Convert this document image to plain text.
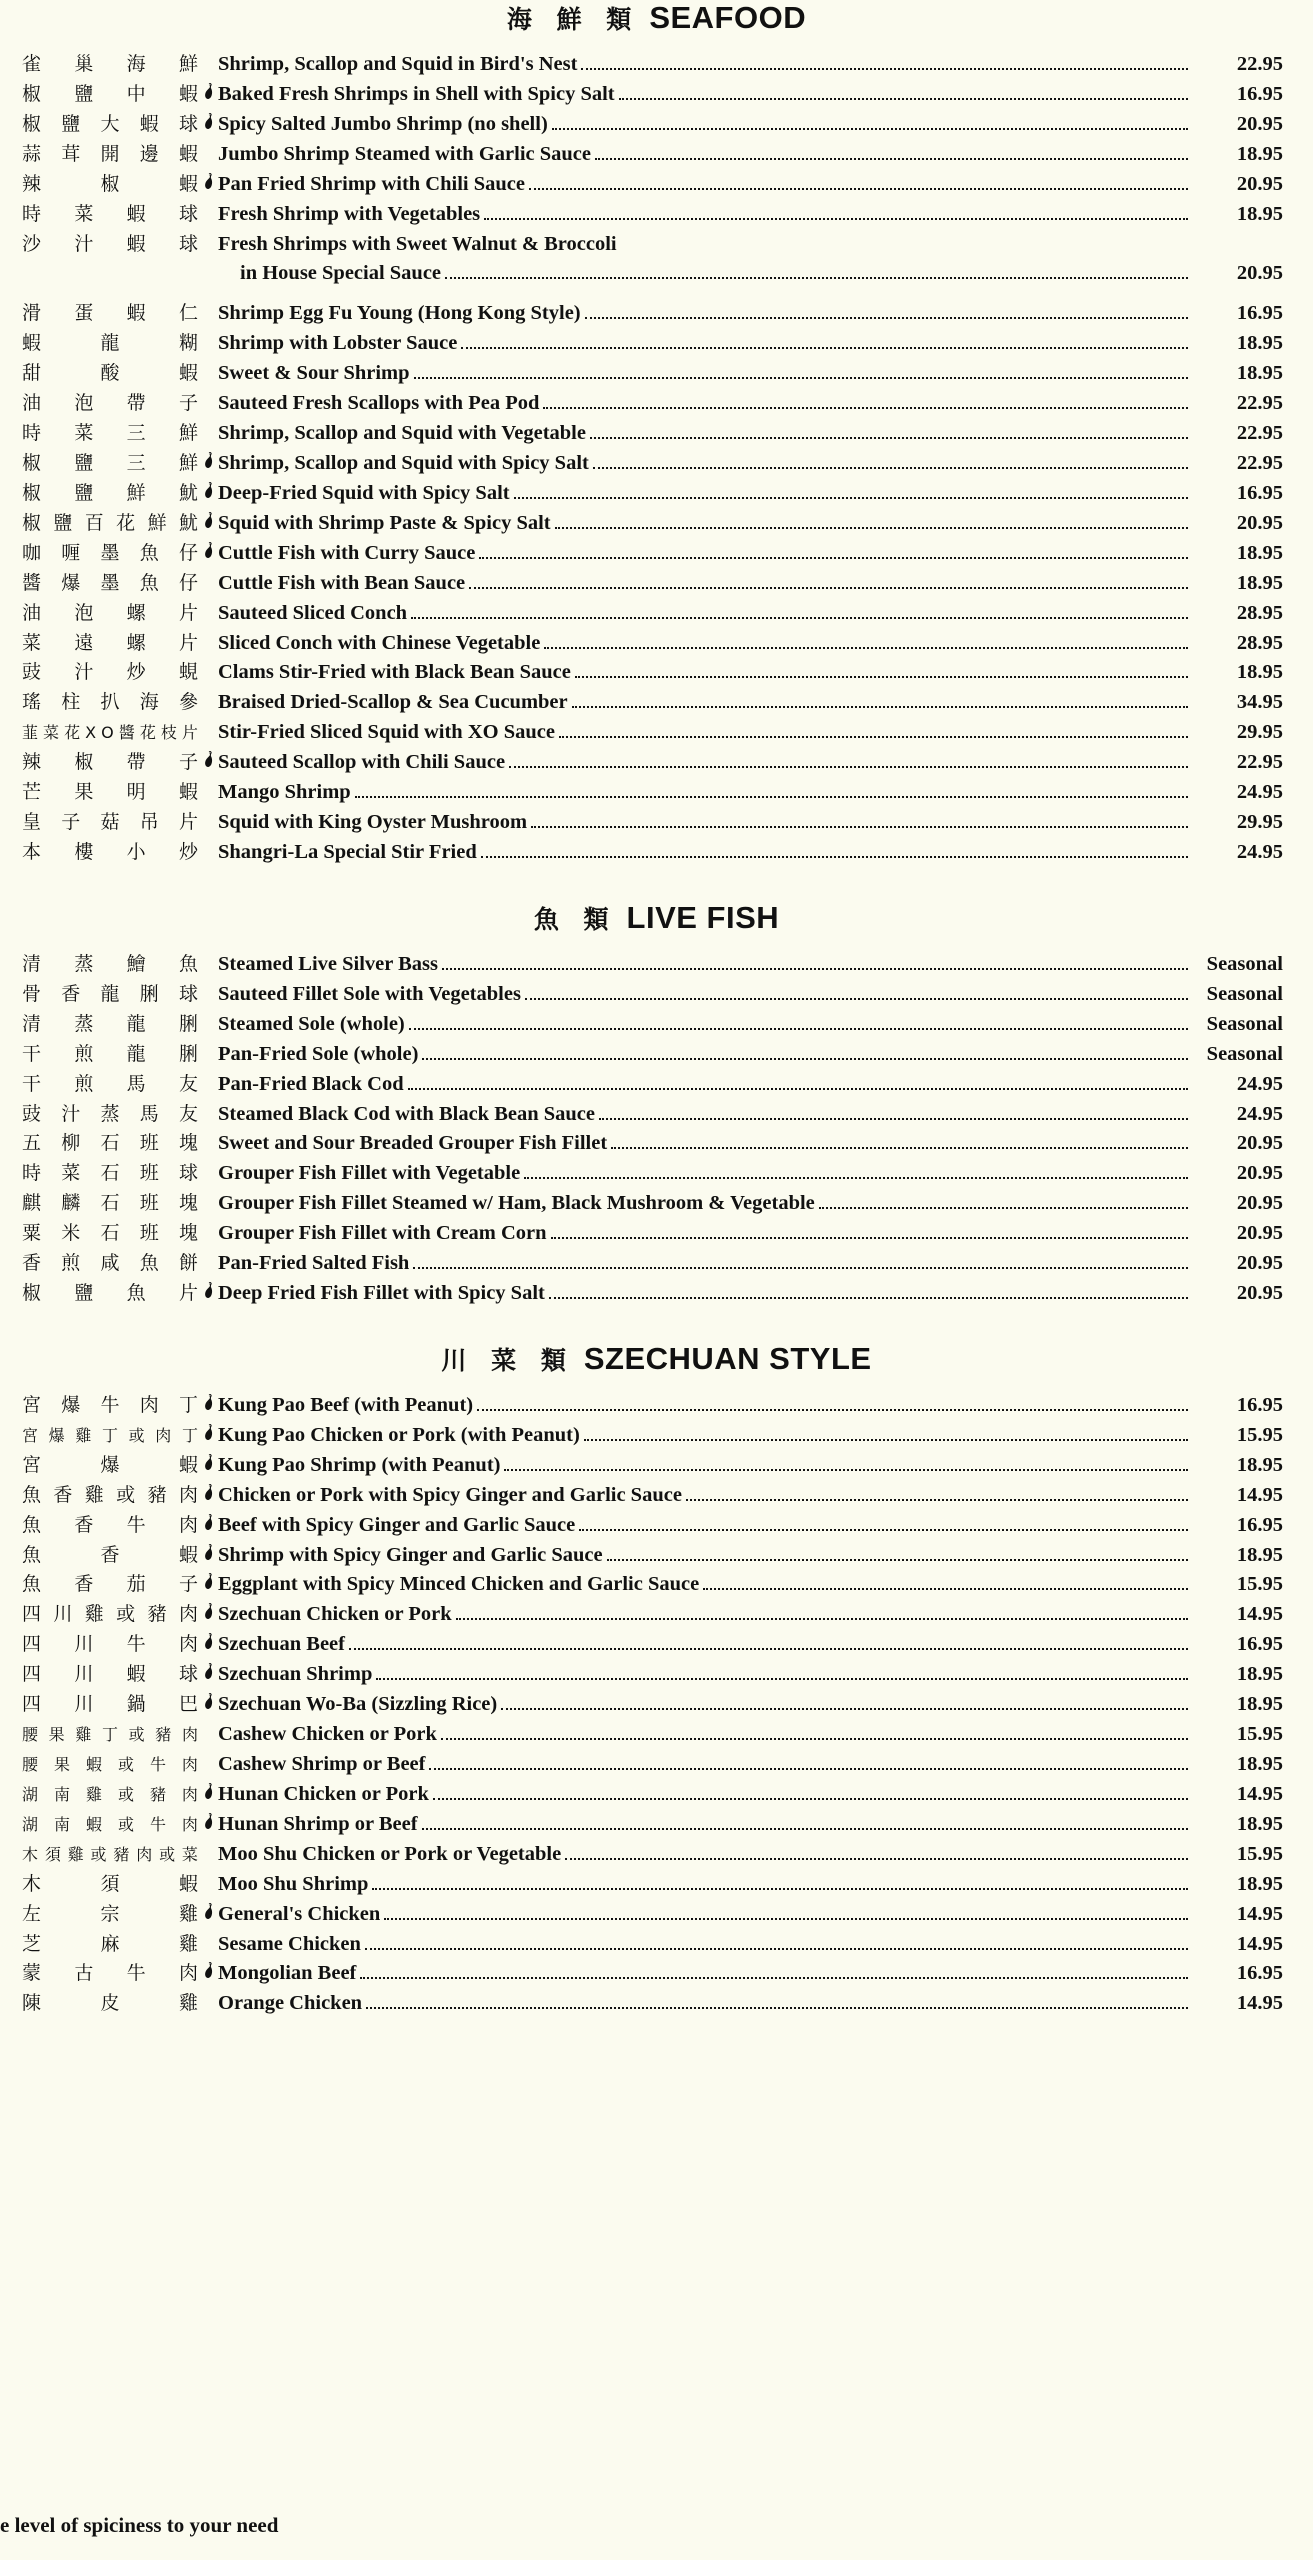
海 鮮 類 SEAFOOD
雀 巢 海 鮮 Shrimp, Scallop and Squid in Bird's Nest	22.95
椒 鹽 中 蝦 Baked Fresh Shrimps in Shell with Spicy Salt	16.95
椒 鹽 大 蝦 球 Spicy Salted Jumbo Shrimp (no shell)	20.95
蒜 茸 開 邊 蝦 Jumbo Shrimp Steamed with Garlic Sauce	18.95
辣	椒	蝦 Pan Fried Shrimp with Chili Sauce	20.95
時 菜 蝦 球 Fresh Shrimp with Vegetables	18.95
沙 汁 蝦 球 Fresh Shrimps with Sweet Walnut & Broccoli
in House Special Sauce	20.95
滑 蛋 蝦 仁 Shrimp Egg Fu Young (Hong Kong Style)	16.95
蝦	龍	糊 Shrimp with Lobster Sauce	18.95
甜	酸	蝦 Sweet & Sour Shrimp	18.95
油 泡 帶 子 Sauteed Fresh Scallops with Pea Pod	22.95
時 菜 三 鮮 Shrimp, Scallop and Squid with Vegetable	22.95
椒 鹽 三 鮮 Shrimp, Scallop and Squid with Spicy Salt	22.95
椒 鹽 鮮 魷 Deep-Fried Squid with Spicy Salt	16.95
椒 鹽 百 花 鮮 魷 Squid with Shrimp Paste & Spicy Salt	20.95
咖 喱 墨 魚 仔 Cuttle Fish with Curry Sauce	18.95
醬 爆 墨 魚 仔 Cuttle Fish with Bean Sauce	18.95
油 泡 螺 片 Sauteed Sliced Conch	28.95
菜 遠 螺 片 Sliced Conch with Chinese Vegetable	28.95
豉 汁 炒 蜆 Clams Stir-Fried with Black Bean Sauce	18.95
瑤 柱 扒 海 參 Braised Dried-Scallop & Sea Cucumber	34.95
韮 菜 花 X O 醬 花 枝 片 Stir-Fried Sliced Squid with XO Sauce	29.95
辣 椒 帶 子 Sauteed Scallop with Chili Sauce	22.95
芒 果 明 蝦 Mango Shrimp	24.95
皇 子 菇 吊 片 Squid with King Oyster Mushroom	29.95
本 樓 小 炒 Shangri-La Special Stir Fried	24.95
魚 類 LIVE FISH
清 蒸 鱠 魚 Steamed Live Silver Bass	Seasonal
骨 香 龍 脷 球 Sauteed Fillet Sole with Vegetables	Seasonal
清 蒸 龍 脷 Steamed Sole (whole)	Seasonal
干 煎 龍 脷 Pan-Fried Sole (whole)	Seasonal
干 煎 馬 友 Pan-Fried Black Cod	24.95
豉 汁 蒸 馬 友 Steamed Black Cod with Black Bean Sauce	24.95
五 柳 石 班 塊 Sweet and Sour Breaded Grouper Fish Fillet	20.95
時 菜 石 班 球 Grouper Fish Fillet with Vegetable	20.95
麒 麟 石 班 塊 Grouper Fish Fillet Steamed w/ Ham, Black Mushroom & Vegetable	20.95
粟 米 石 班 塊 Grouper Fish Fillet with Cream Corn	20.95
香 煎 咸 魚 餅 Pan-Fried Salted Fish	20.95
椒 鹽 魚 片 Deep Fried Fish Fillet with Spicy Salt	20.95
川 菜 類 SZECHUAN STYLE
宮 爆 牛 肉 丁 Kung Pao Beef (with Peanut)	16.95
宮 爆 雞 丁 或 肉 丁 Kung Pao Chicken or Pork (with Peanut)	15.95
宮	爆	蝦 Kung Pao Shrimp (with Peanut)	18.95
魚 香 雞 或 豬 肉 Chicken or Pork with Spicy Ginger and Garlic Sauce	14.95
魚 香 牛 肉 Beef with Spicy Ginger and Garlic Sauce	16.95
魚	香	蝦 Shrimp with Spicy Ginger and Garlic Sauce	18.95
魚 香 茄 子 Eggplant with Spicy Minced Chicken and Garlic Sauce	15.95
四 川 雞 或 豬 肉 Szechuan Chicken or Pork	14.95
四 川 牛 肉 Szechuan Beef	16.95
四 川 蝦 球 Szechuan Shrimp	18.95
四 川 鍋 巴 Szechuan Wo-Ba (Sizzling Rice)	18.95
腰 果 雞 丁 或 豬 肉 Cashew Chicken or Pork	15.95
腰 果 蝦 或 牛 肉 Cashew Shrimp or Beef	18.95
湖 南 雞 或 豬 肉 Hunan Chicken or Pork	14.95
湖 南 蝦 或 牛 肉 Hunan Shrimp or Beef	18.95
木 須 雞 或 豬 肉 或 菜 Moo Shu Chicken or Pork or Vegetable	15.95
木	須	蝦 Moo Shu Shrimp	18.95
左	宗	雞 General's Chicken	14.95
芝	麻	雞 Sesame Chicken	14.95
蒙 古 牛 肉 Mongolian Beef	16.95
陳	皮	雞 Orange Chicken	14.95
e level of spiciness to your need
